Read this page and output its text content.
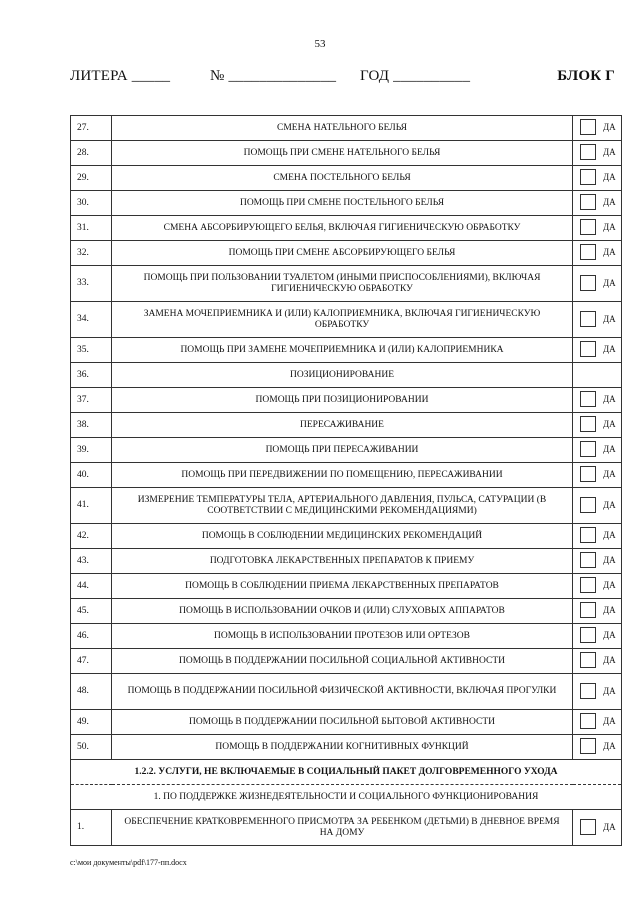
53
ЛИТЕРА _____	№ ______________ ГОД __________	БЛОК Г
27.	СМЕНА НАТЕЛЬНОГО БЕЛЬЯ	ДА

28.	ПОМОЩЬ ПРИ СМЕНЕ НАТЕЛЬНОГО БЕЛЬЯ	ДА

29.	СМЕНА ПОСТЕЛЬНОГО БЕЛЬЯ	ДА

30.	ПОМОЩЬ ПРИ СМЕНЕ ПОСТЕЛЬНОГО БЕЛЬЯ	ДА

31.	СМЕНА АБСОРБИРУЮЩЕГО БЕЛЬЯ, ВКЛЮЧАЯ ГИГИЕНИЧЕСКУЮ ОБРАБОТКУ	ДА

32.	ПОМОЩЬ ПРИ СМЕНЕ АБСОРБИРУЮЩЕГО БЕЛЬЯ	ДА

33.	ПОМОЩЬ ПРИ ПОЛЬЗОВАНИИ ТУАЛЕТОМ (ИНЫМИ ПРИСПОСОБЛЕНИЯМИ), ВКЛЮЧАЯ ГИГИЕНИЧЕСКУЮ ОБРАБОТКУ	ДА

34.	ЗАМЕНА МОЧЕПРИЕМНИКА И (ИЛИ) КАЛОПРИЕМНИКА, ВКЛЮЧАЯ ГИГИЕНИЧЕСКУЮ ОБРАБОТКУ	ДА

35.	ПОМОЩЬ ПРИ ЗАМЕНЕ МОЧЕПРИЕМНИКА И (ИЛИ) КАЛОПРИЕМНИКА	ДА

36.	ПОЗИЦИОНИРОВАНИЕ	
37.	ПОМОЩЬ ПРИ ПОЗИЦИОНИРОВАНИИ	ДА

38.	ПЕРЕСАЖИВАНИЕ	ДА

39.	ПОМОЩЬ ПРИ ПЕРЕСАЖИВАНИИ	ДА

40.	ПОМОЩЬ ПРИ ПЕРЕДВИЖЕНИИ ПО ПОМЕЩЕНИЮ, ПЕРЕСАЖИВАНИИ	ДА

41.	ИЗМЕРЕНИЕ ТЕМПЕРАТУРЫ ТЕЛА, АРТЕРИАЛЬНОГО ДАВЛЕНИЯ, ПУЛЬСА, САТУРАЦИИ (В СООТВЕТСТВИИ С МЕДИЦИНСКИМИ РЕКОМЕНДАЦИЯМИ)	ДА

42.	ПОМОЩЬ В СОБЛЮДЕНИИ МЕДИЦИНСКИХ РЕКОМЕНДАЦИЙ	ДА

43.	ПОДГОТОВКА ЛЕКАРСТВЕННЫХ ПРЕПАРАТОВ К ПРИЕМУ	ДА

44.	ПОМОЩЬ В СОБЛЮДЕНИИ ПРИЕМА ЛЕКАРСТВЕННЫХ ПРЕПАРАТОВ	ДА

45.	ПОМОЩЬ В ИСПОЛЬЗОВАНИИ ОЧКОВ И (ИЛИ) СЛУХОВЫХ АППАРАТОВ	ДА

46.	ПОМОЩЬ В ИСПОЛЬЗОВАНИИ ПРОТЕЗОВ ИЛИ ОРТЕЗОВ	ДА

47.	ПОМОЩЬ В ПОДДЕРЖАНИИ ПОСИЛЬНОЙ СОЦИАЛЬНОЙ АКТИВНОСТИ	ДА

48.	ПОМОЩЬ В ПОДДЕРЖАНИИ ПОСИЛЬНОЙ ФИЗИЧЕСКОЙ АКТИВНОСТИ, ВКЛЮЧАЯ ПРОГУЛКИ	ДА

49.	ПОМОЩЬ В ПОДДЕРЖАНИИ ПОСИЛЬНОЙ БЫТОВОЙ АКТИВНОСТИ	ДА

50.	ПОМОЩЬ В ПОДДЕРЖАНИИ КОГНИТИВНЫХ ФУНКЦИЙ	ДА

1.2.2. УСЛУГИ, НЕ ВКЛЮЧАЕМЫЕ В СОЦИАЛЬНЫЙ ПАКЕТ ДОЛГОВРЕМЕННОГО УХОДА		
1. ПО ПОДДЕРЖКЕ ЖИЗНЕДЕЯТЕЛЬНОСТИ И СОЦИАЛЬНОГО ФУНКЦИОНИРОВАНИЯ		
1.	ОБЕСПЕЧЕНИЕ КРАТКОВРЕМЕННОГО ПРИСМОТРА ЗА РЕБЕНКОМ (ДЕТЬМИ) В ДНЕВНОЕ ВРЕМЯ НА ДОМУ	ДА
c:\мои документы\pdf\177-пп.docx
